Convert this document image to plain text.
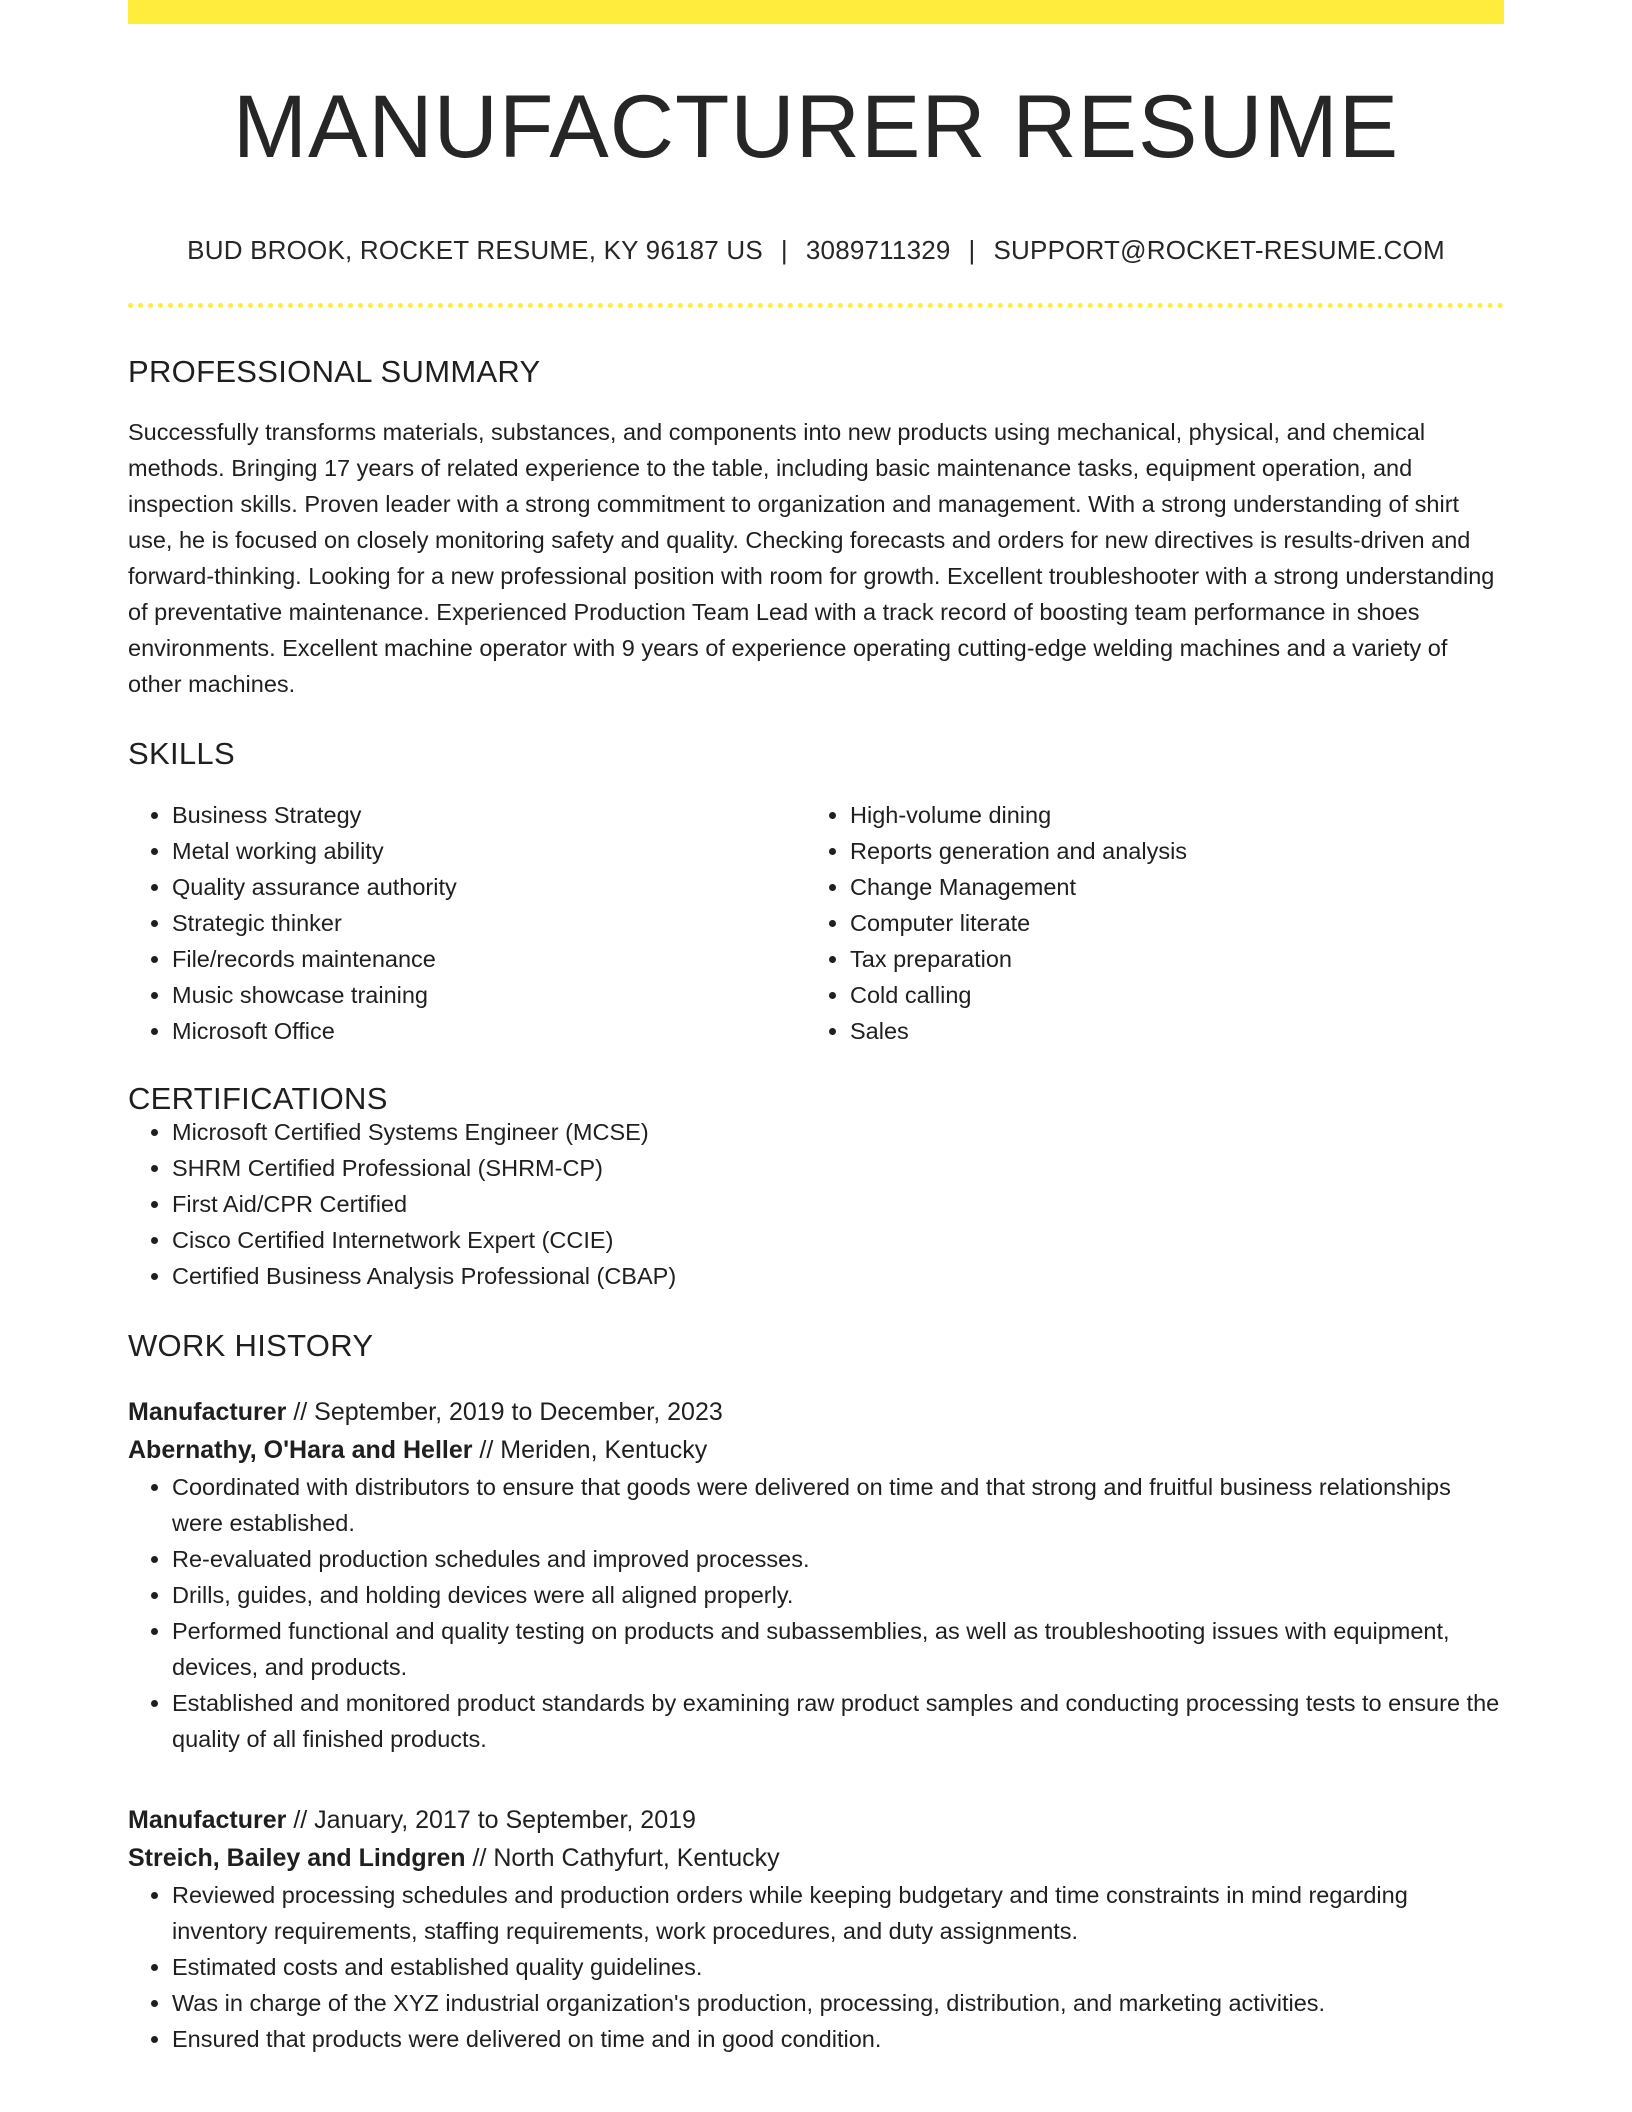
MANUFACTURER RESUME
BUD BROOK, ROCKET RESUME, KY 96187 US | 3089711329 | SUPPORT@ROCKET-RESUME.COM
PROFESSIONAL SUMMARY

Successfully transforms materials, substances, and components into new products using mechanical, physical, and chemical methods. Bringing 17 years of related experience to the table, including basic maintenance tasks, equipment operation, and inspection skills. Proven leader with a strong commitment to organization and management. With a strong understanding of shirt use, he is focused on closely monitoring safety and quality. Checking forecasts and orders for new directives is results-driven and forward-thinking. Looking for a new professional position with room for growth. Excellent troubleshooter with a strong understanding of preventative maintenance. Experienced Production Team Lead with a track record of boosting team performance in shoes environments. Excellent machine operator with 9 years of experience operating cutting-edge welding machines and a variety of other machines.

SKILLS
• Business Strategy
• Metal working ability
• Quality assurance authority
• Strategic thinker
• File/records maintenance
• Music showcase training
• Microsoft Office
• High-volume dining
• Reports generation and analysis
• Change Management
• Computer literate
• Tax preparation
• Cold calling
• Sales
CERTIFICATIONS
• Microsoft Certified Systems Engineer (MCSE)
• SHRM Certified Professional (SHRM-CP)
• First Aid/CPR Certified
• Cisco Certified Internetwork Expert (CCIE)
• Certified Business Analysis Professional (CBAP)
WORK HISTORY
Manufacturer // September, 2019 to December, 2023
Abernathy, O'Hara and Heller // Meriden, Kentucky
• Coordinated with distributors to ensure that goods were delivered on time and that strong and fruitful business relationships were established.
• Re-evaluated production schedules and improved processes.
• Drills, guides, and holding devices were all aligned properly.
• Performed functional and quality testing on products and subassemblies, as well as troubleshooting issues with equipment, devices, and products.
• Established and monitored product standards by examining raw product samples and conducting processing tests to ensure the quality of all finished products.
Manufacturer // January, 2017 to September, 2019
Streich, Bailey and Lindgren // North Cathyfurt, Kentucky
• Reviewed processing schedules and production orders while keeping budgetary and time constraints in mind regarding inventory requirements, staffing requirements, work procedures, and duty assignments.
• Estimated costs and established quality guidelines.
• Was in charge of the XYZ industrial organization's production, processing, distribution, and marketing activities.
• Ensured that products were delivered on time and in good condition.
